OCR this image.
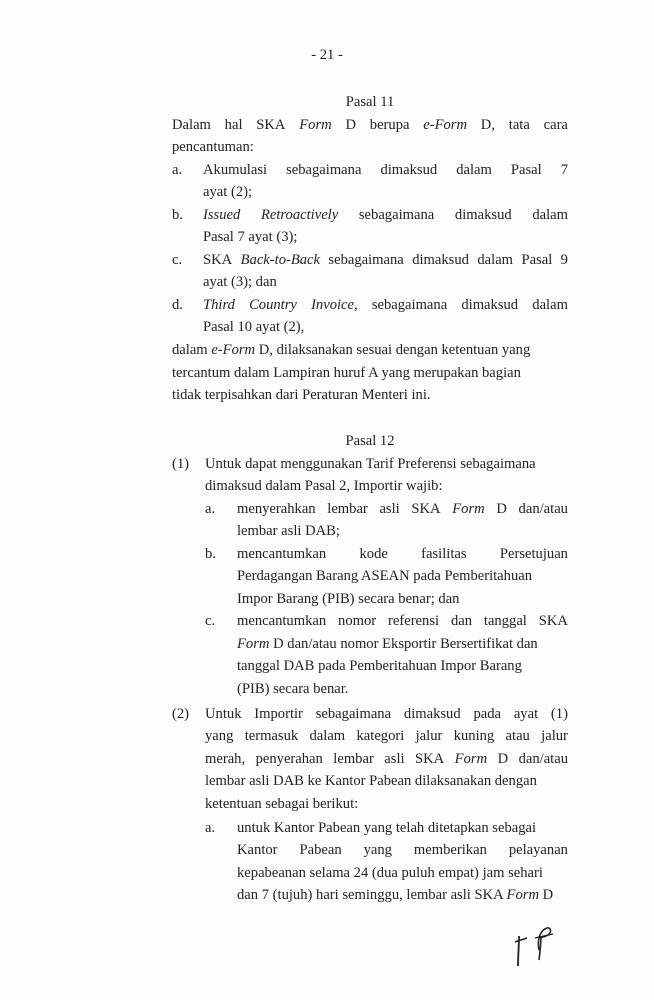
- 21 -
Pasal 11
Dalam hal SKA Form D berupa e-Form D, tata cara
pencantuman:
a. Akumulasi sebagaimana dimaksud dalam Pasal 7
ayat (2);
b. Issued Retroactively sebagaimana dimaksud dalam
Pasal 7 ayat (3);
c. SKA Back-to-Back sebagaimana dimaksud dalam Pasal 9
ayat (3); dan
d. Third Country Invoice, sebagaimana dimaksud dalam
Pasal 10 ayat (2),
dalam e-Form D, dilaksanakan sesuai dengan ketentuan yang
tercantum dalam Lampiran huruf A yang merupakan bagian
tidak terpisahkan dari Peraturan Menteri ini.
Pasal 12
(1) Untuk dapat menggunakan Tarif Preferensi sebagaimana
dimaksud dalam Pasal 2, Importir wajib:
a. menyerahkan lembar asli SKA Form D dan/atau
lembar asli DAB;
b. mencantumkan kode fasilitas Persetujuan
Perdagangan Barang ASEAN pada Pemberitahuan
Impor Barang (PIB) secara benar; dan
c. mencantumkan nomor referensi dan tanggal SKA
Form D dan/atau nomor Eksportir Bersertifikat dan
tanggal DAB pada Pemberitahuan Impor Barang
(PIB) secara benar.
(2) Untuk Importir sebagaimana dimaksud pada ayat (1)
yang termasuk dalam kategori jalur kuning atau jalur
merah, penyerahan lembar asli SKA Form D dan/atau
lembar asli DAB ke Kantor Pabean dilaksanakan dengan
ketentuan sebagai berikut:
a. untuk Kantor Pabean yang telah ditetapkan sebagai
Kantor Pabean yang memberikan pelayanan
kepabeanan selama 24 (dua puluh empat) jam sehari
dan 7 (tujuh) hari seminggu, lembar asli SKA Form D
